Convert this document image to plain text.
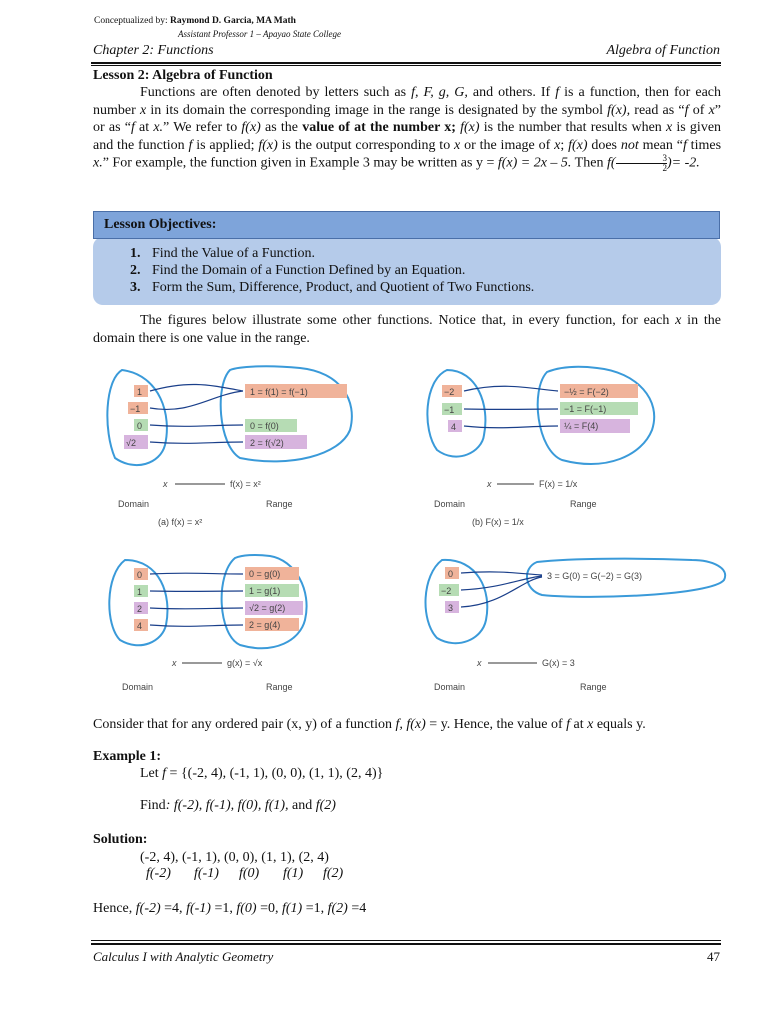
Conceptualized by: Raymond D. Garcia, MA Math
Assistant Professor 1 – Apayao State College
Chapter 2: Functions	Algebra of Function
Lesson 2: Algebra of Function
Functions are often denoted by letters such as f, F, g, G, and others. If f is a function, then for each number x in its domain the corresponding image in the range is designated by the symbol f(x), read as “f of x” or as “f at x.” We refer to f(x) as the value of at the number x; f(x) is the number that results when x is given and the function f is applied; f(x) is the output corresponding to x or the image of x; f(x) does not mean “f times x.” For example, the function given in Example 3 may be written as y = f(x) = 2x – 5. Then $f( \frac{3}{2}$ )= -2.
Lesson Objectives:
1. Find the Value of a Function.
2. Find the Domain of a Function Defined by an Equation.
3. Form the Sum, Difference, Product, and Quotient of Two Functions.
The figures below illustrate some other functions. Notice that, in every function, for each x in the domain there is one value in the range.
1
−1
0
√2
1 = f(1) = f(−1)
0 = f(0)
2 = f(√2)
x	f(x) = x²
Domain	Range
(a) f(x) = x²
−2
−1
4
−½ = F(−2)
−1 = F(−1)
¼ = F(4)
x	F(x) = 1/x
Domain	Range
(b) F(x) = 1/x
0
1
2
4
0 = g(0)
1 = g(1)
√2 = g(2)
2 = g(4)
x	g(x) = √x
Domain	Range
0
−2
3
3 = G(0) = G(−2) = G(3)
x	G(x) = 3
Domain	Range
Consider that for any ordered pair (x, y) of a function f, f(x) = y. Hence, the value of f at x equals y.
Example 1:
Let f = {(-2, 4), (-1, 1), (0, 0), (1, 1), (2, 4)}
Find: f(-2), f(-1), f(0), f(1), and f(2)
Solution:
(-2, 4), (-1, 1), (0, 0), (1, 1), (2, 4)
f(-2) f(-1) f(0) f(1) f(2)
Hence, f(-2) =4, f(-1) =1, f(0) =0, f(1) =1, f(2) =4
Calculus I with Analytic Geometry	47
